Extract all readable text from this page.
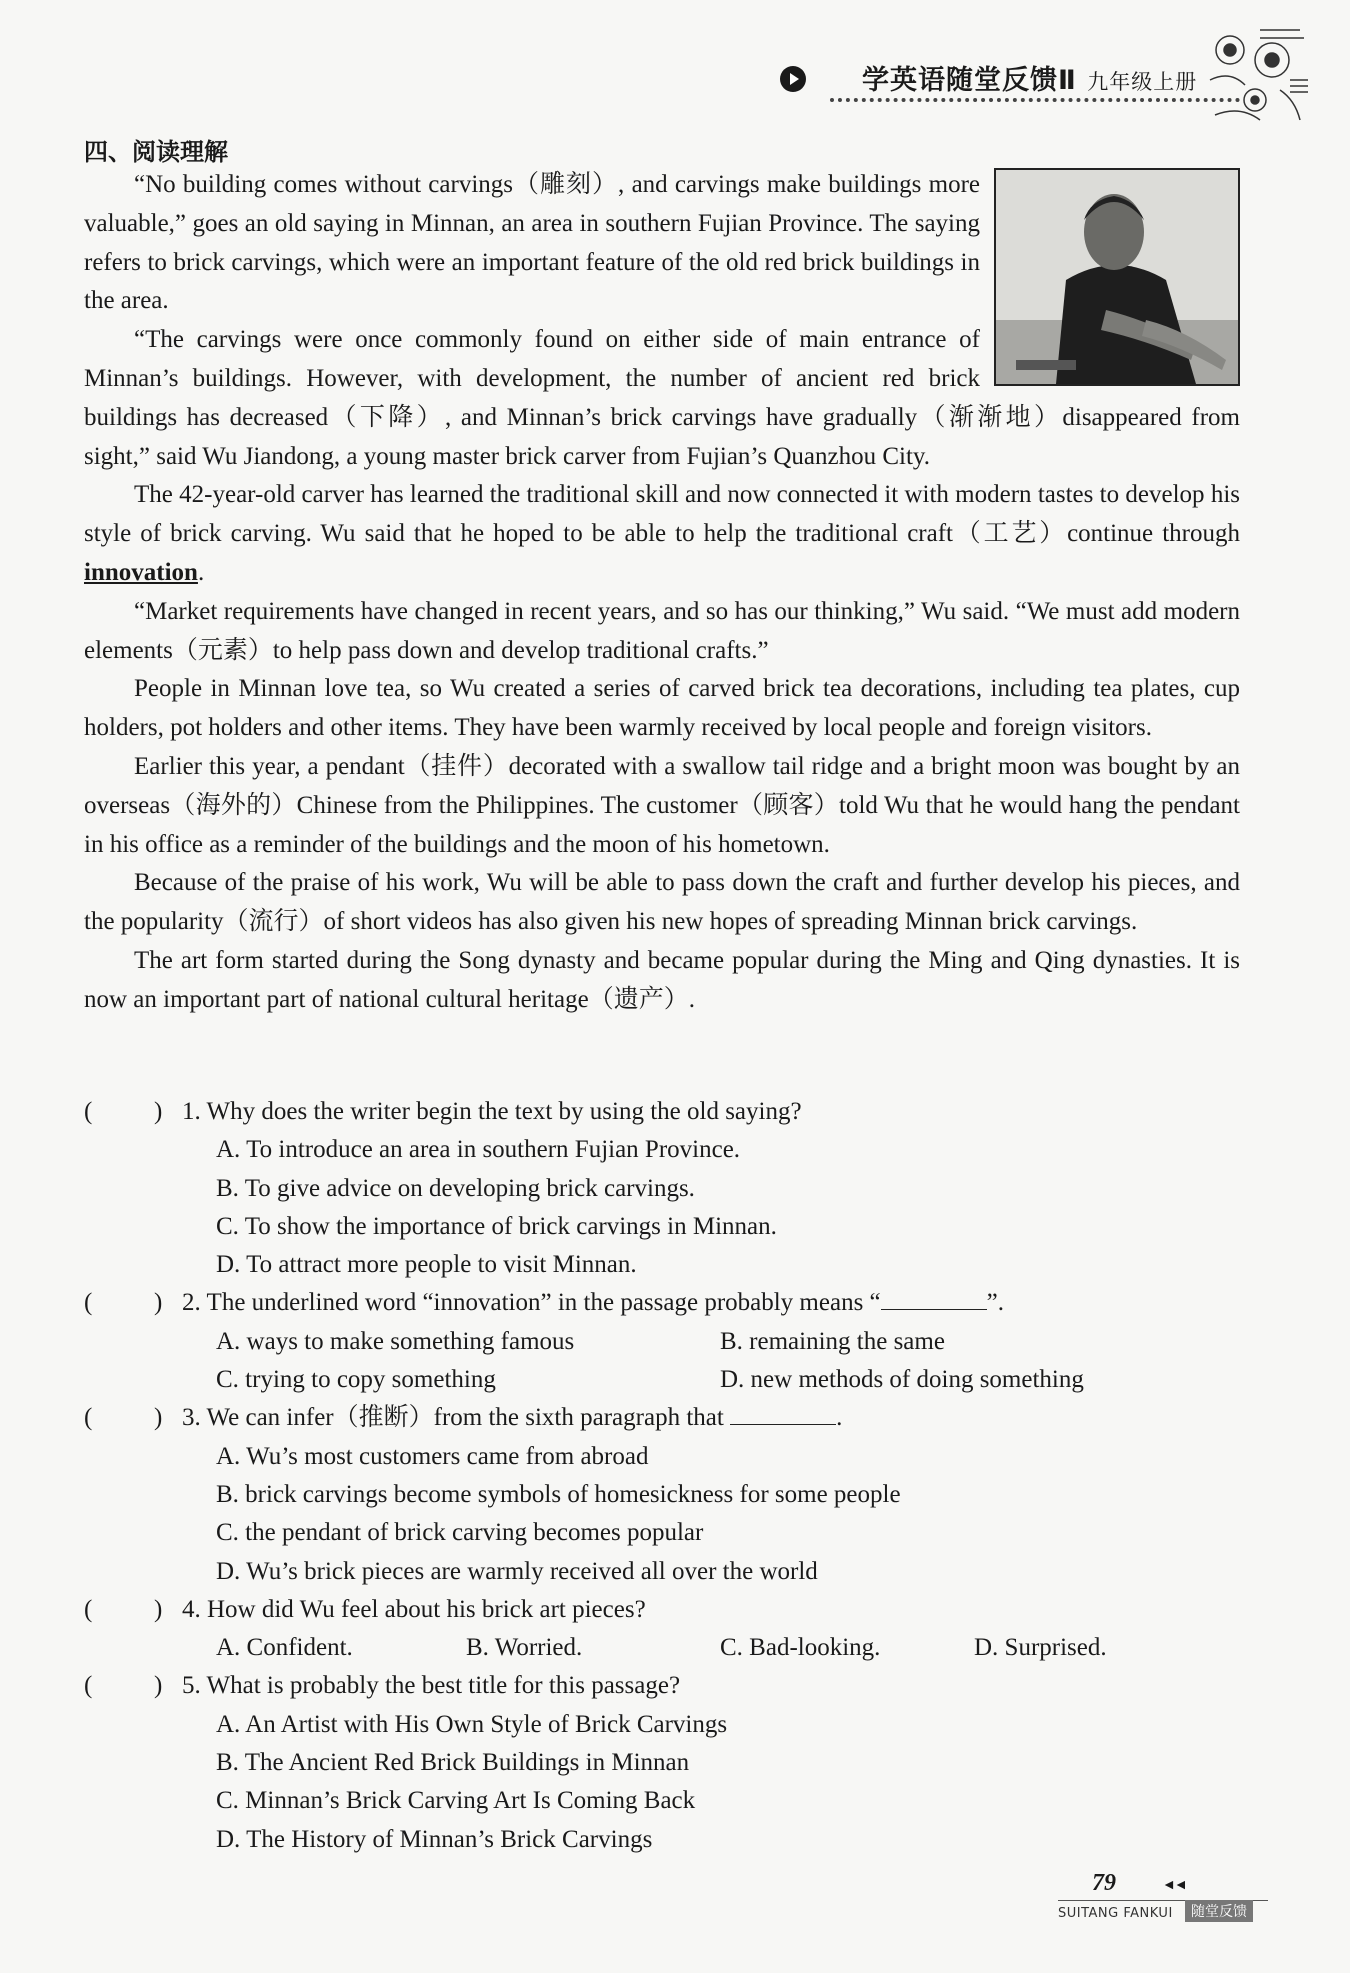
学英语随堂反馈Ⅱ 九年级上册
四、阅读理解

“No building comes without carvings（雕刻）, and carvings make buildings more valuable,” goes an old saying in Minnan, an area in southern Fujian Province. The saying refers to brick carvings, which were an important feature of the old red brick buildings in the area.

“The carvings were once commonly found on either side of main entrance of Minnan’s buildings. However, with development, the number of ancient red brick buildings has decreased（下降）, and Minnan’s brick carvings have gradually（渐渐地）disappeared from sight,” said Wu Jiandong, a young master brick carver from Fujian’s Quanzhou City.

The 42-year-old carver has learned the traditional skill and now connected it with modern tastes to develop his style of brick carving. Wu said that he hoped to be able to help the traditional craft（工艺）continue through innovation.

“Market requirements have changed in recent years, and so has our thinking,” Wu said. “We must add modern elements（元素）to help pass down and develop traditional crafts.”

People in Minnan love tea, so Wu created a series of carved brick tea decorations, including tea plates, cup holders, pot holders and other items. They have been warmly received by local people and foreign visitors.

Earlier this year, a pendant（挂件）decorated with a swallow tail ridge and a bright moon was bought by an overseas（海外的）Chinese from the Philippines. The customer（顾客）told Wu that he would hang the pendant in his office as a reminder of the buildings and the moon of his hometown.

Because of the praise of his work, Wu will be able to pass down the craft and further develop his pieces, and the popularity（流行）of short videos has also given his new hopes of spreading Minnan brick carvings.

The art form started during the Song dynasty and became popular during the Ming and Qing dynasties. It is now an important part of national cultural heritage（遗产）.

( ) 1. Why does the writer begin the text by using the old saying?
A. To introduce an area in southern Fujian Province.
B. To give advice on developing brick carvings.
C. To show the importance of brick carvings in Minnan.
D. To attract more people to visit Minnan.
( ) 2. The underlined word “innovation” in the passage probably means “	”.
A. ways to make something famous	B. remaining the same
C. trying to copy something	D. new methods of doing something
( ) 3. We can infer（推断）from the sixth paragraph that	.
A. Wu’s most customers came from abroad
B. brick carvings become symbols of homesickness for some people
C. the pendant of brick carving becomes popular
D. Wu’s brick pieces are warmly received all over the world
( ) 4. How did Wu feel about his brick art pieces?
A. Confident.	B. Worried.	C. Bad-looking.	D. Surprised.
( ) 5. What is probably the best title for this passage?
A. An Artist with His Own Style of Brick Carvings
B. The Ancient Red Brick Buildings in Minnan
C. Minnan’s Brick Carving Art Is Coming Back
D. The History of Minnan’s Brick Carvings
79	◄◄
SUITANG FANKUI	随堂反馈
